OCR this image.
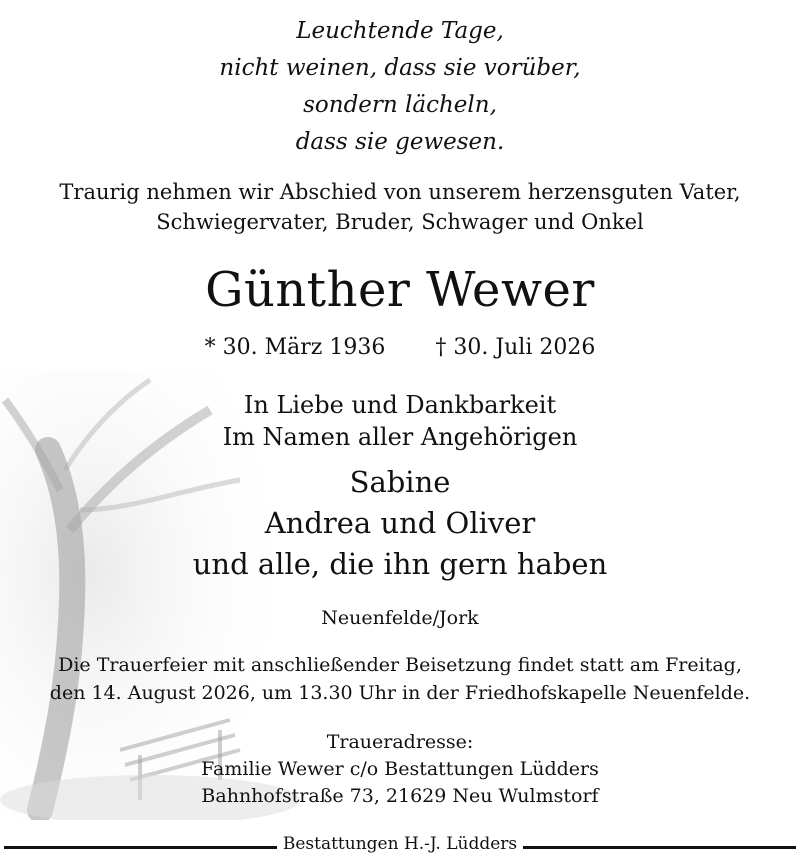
Leuchtende Tage,
nicht weinen, dass sie vorüber,
sondern lächeln,
dass sie gewesen.
Traurig nehmen wir Abschied von unserem herzensguten Vater,
Schwiegervater, Bruder, Schwager und Onkel
Günther Wewer
* 30. März 1936 † 30. Juli 2026
In Liebe und Dankbarkeit
Im Namen aller Angehörigen
Sabine
Andrea und Oliver
und alle, die ihn gern haben
Neuenfelde/Jork
Die Trauerfeier mit anschließender Beisetzung findet statt am Freitag,
den 14. August 2026, um 13.30 Uhr in der Friedhofskapelle Neuenfelde.
Traueradresse:
Familie Wewer c/o Bestattungen Lüdders
Bahnhofstraße 73, 21629 Neu Wulmstorf
Bestattungen H.-J. Lüdders
